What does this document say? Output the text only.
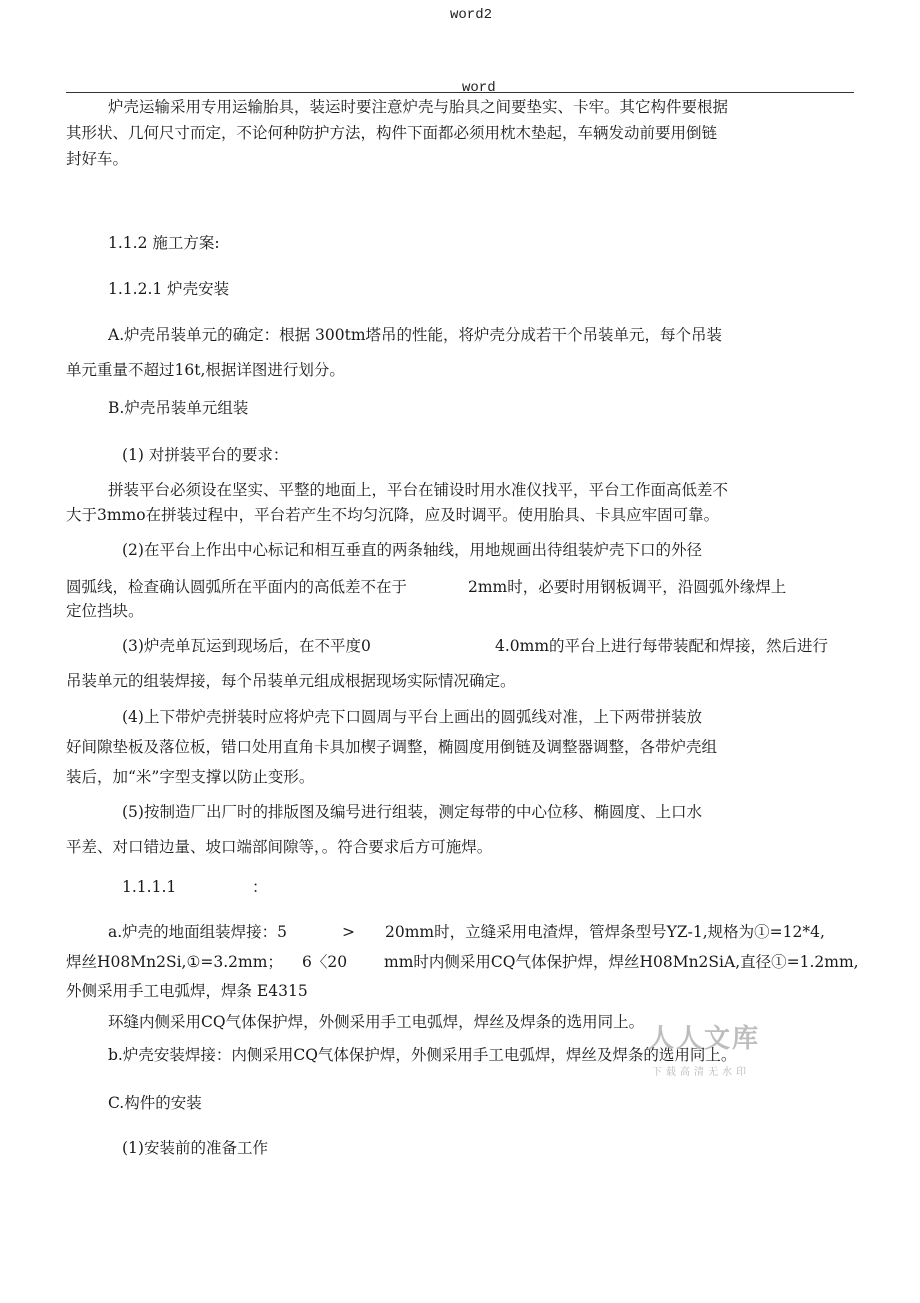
word2
word
炉壳运输采用专用运输胎具，装运时要注意炉壳与胎具之间要垫实、卡牢。其它构件要根据
其形状、几何尺寸而定，不论何种防护方法，构件下面都必须用枕木垫起，车辆发动前要用倒链
封好车。
1.1.2 施工方案:
1.1.2.1 炉壳安装
A.炉壳吊装单元的确定：根据 300tm塔吊的性能，将炉壳分成若干个吊装单元，每个吊装
单元重量不超过16t,根据详图进行划分。
B.炉壳吊装单元组装
(1) 对拼装平台的要求：
拼装平台必须设在坚实、平整的地面上，平台在铺设时用水准仪找平，平台工作面高低差不
大于3mmo在拼装过程中，平台若产生不均匀沉降，应及时调平。使用胎具、卡具应牢固可靠。
(2)在平台上作出中心标记和相互垂直的两条轴线，用地规画出待组装炉壳下口的外径
圆弧线，检查确认圆弧所在平面内的高低差不在于	2mm时，必要时用钢板调平，沿圆弧外缘焊上
定位挡块。
(3)炉壳单瓦运到现场后，在不平度0	4.0mm的平台上进行每带装配和焊接，然后进行
吊装单元的组装焊接，每个吊装单元组成根据现场实际情况确定。
(4)上下带炉壳拼装时应将炉壳下口圆周与平台上画出的圆弧线对准，上下两带拼装放
好间隙垫板及落位板，错口处用直角卡具加楔子调整，椭圆度用倒链及调整器调整，各带炉壳组
装后，加“米”字型支撑以防止变形。
(5)按制造厂出厂时的排版图及编号进行组装，测定每带的中心位移、椭圆度、上口水
平差、对口错边量、坡口端部间隙等，。符合要求后方可施焊。
1.1.1.1	：
a.炉壳的地面组装焊接：5	> 20mm时，立缝采用电渣焊，管焊条型号YZ-1,规格为①=12*4,
焊丝H08Mn2Si,①=3.2mm； 6〈20 mm时内侧采用CQ气体保护焊，焊丝H08Mn2SiA,直径①=1.2mm,
外侧采用手工电弧焊，焊条 E4315
环缝内侧采用CQ气体保护焊，外侧采用手工电弧焊，焊丝及焊条的选用同上。
b.炉壳安装焊接：内侧采用CQ气体保护焊，外侧采用手工电弧焊，焊丝及焊条的选用同上。
C.构件的安装
(1)安装前的准备工作
人人文库
下载高清无水印
